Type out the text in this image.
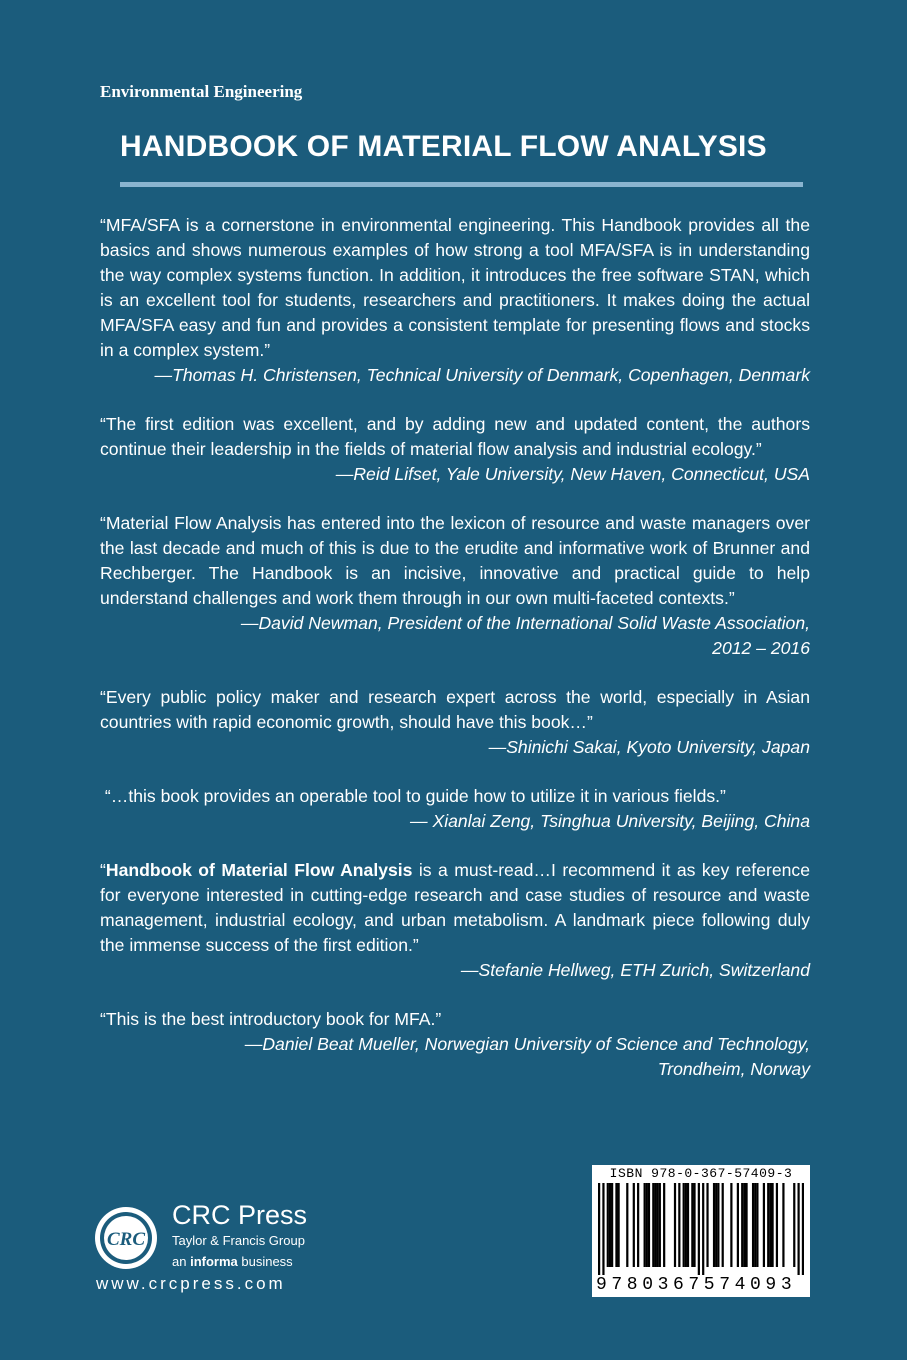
Environmental Engineering
HANDBOOK OF MATERIAL FLOW ANALYSIS

“MFA/SFA is a cornerstone in environmental engineering. This Handbook provides all the basics and shows numerous examples of how strong a tool MFA/SFA is in understanding the way complex systems function. In addition, it introduces the free software STAN, which is an excellent tool for students, researchers and practitioners. It makes doing the actual MFA/SFA easy and fun and provides a consistent template for presenting flows and stocks in a complex system.”

—Thomas H. Christensen, Technical University of Denmark, Copenhagen, Denmark

“The first edition was excellent, and by adding new and updated content, the authors continue their leadership in the fields of material flow analysis and industrial ecology.”

—Reid Lifset, Yale University, New Haven, Connecticut, USA

“Material Flow Analysis has entered into the lexicon of resource and waste managers over the last decade and much of this is due to the erudite and informative work of Brunner and Rechberger. The Handbook is an incisive, innovative and practical guide to help understand challenges and work them through in our own multi-faceted contexts.”

—David Newman, President of the International Solid Waste Association,
2012 – 2016

“Every public policy maker and research expert across the world, especially in Asian countries with rapid economic growth, should have this book…”

—Shinichi Sakai, Kyoto University, Japan

“…this book provides an operable tool to guide how to utilize it in various fields.”

— Xianlai Zeng, Tsinghua University, Beijing, China

“Handbook of Material Flow Analysis is a must-read…I recommend it as key reference for everyone interested in cutting-edge research and case studies of resource and waste management, industrial ecology, and urban metabolism. A landmark piece following duly the immense success of the first edition.”

—Stefanie Hellweg, ETH Zurich, Switzerland

“This is the best introductory book for MFA.”

—Daniel Beat Mueller, Norwegian University of Science and Technology,
Trondheim, Norway

CRC
CRC Press
Taylor & Francis Group
an informa business
www.crcpress.com
ISBN 978-0-367-57409-3
9780367574093
